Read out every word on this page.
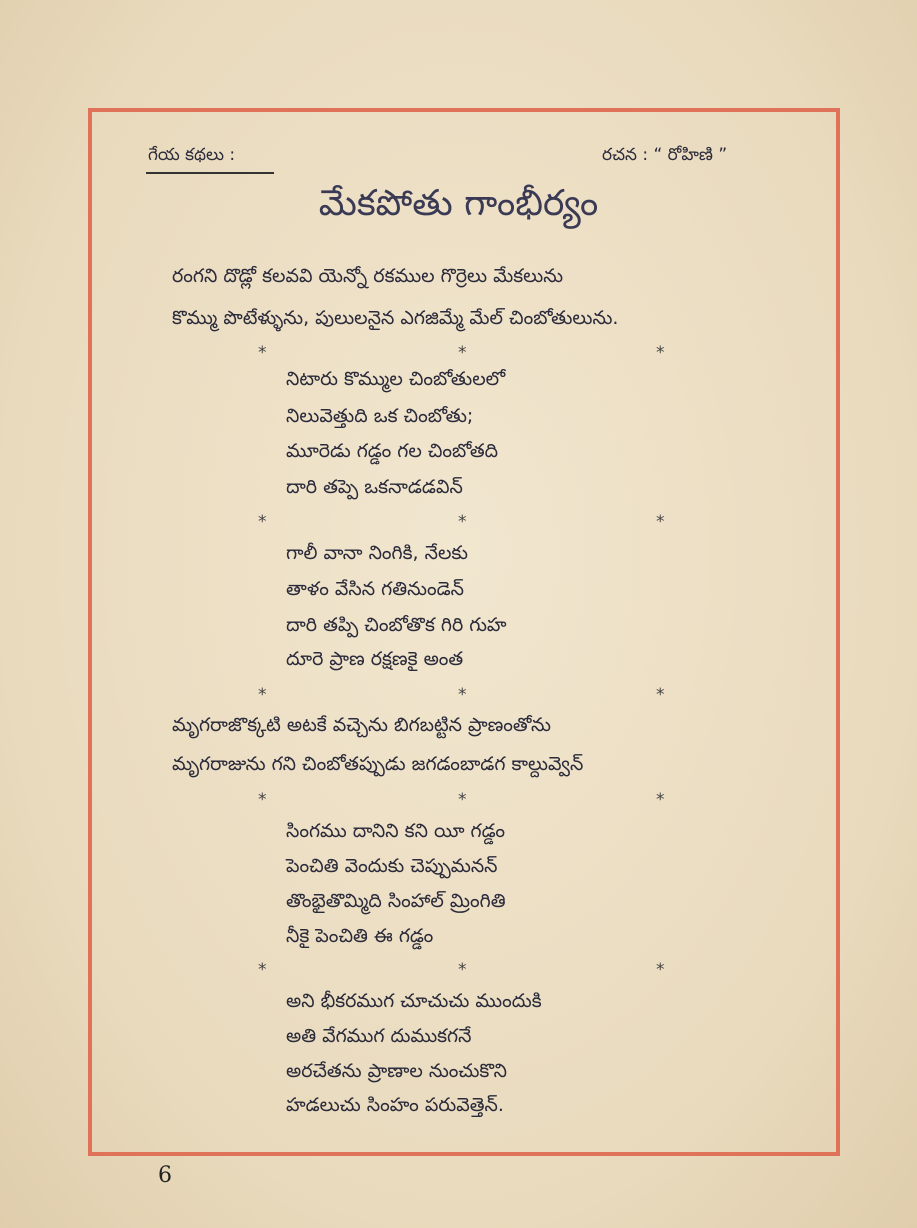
గేయ కథలు :	రచన : “ రోహిణి ”
మేకపోతు గాంభీర్యం
రంగని దొడ్లో కలవవి యెన్నో రకముల గొర్రెలు మేకలును
కొమ్ము పొటేళ్ళును, పులులనైన ఎగజిమ్మే మేల్ చింబోతులును.
*	*	*
నిటారు కొమ్ముల చింబోతులలో
నిలువెత్తుది ఒక చింబోతు;
మూరెడు గడ్డం గల చింబోతది
దారి తప్పె ఒకనాడడవిన్
*	*	*
గాలీ వానా నింగికి, నేలకు
తాళం వేసిన గతినుండెన్
దారి తప్పి చింబోతొక గిరి గుహ
దూరె ప్రాణ రక్షణకై అంత
*	*	*
మృగరాజొక్కటి అటకే వచ్చెను బిగబట్టిన ప్రాణంతోను
మృగరాజును గని చింబోతప్పుడు జగడంబాడగ కాల్దువ్వెన్
*	*	*
సింగము దానిని కని యీ గడ్డం
పెంచితి వెందుకు చెప్పుమనన్
తొంభైతొమ్మిది సింహాల్ మ్రింగితి
నీకై పెంచితి ఈ గడ్డం
*	*	*
అని భీకరముగ చూచుచు ముందుకి
అతి వేగముగ దుముకగనే
అరచేతను ప్రాణాల నుంచుకొని
హడలుచు సింహం పరువెత్తెన్.
6
